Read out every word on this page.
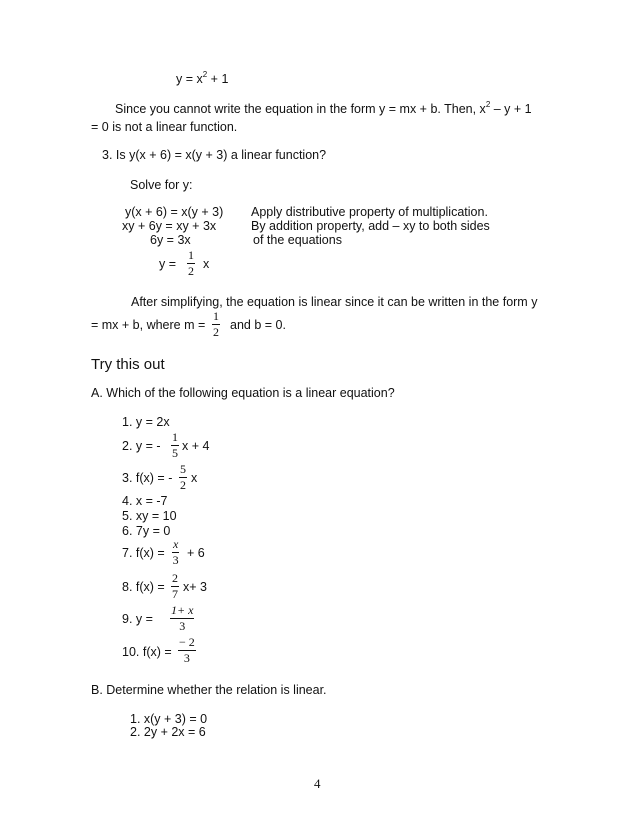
$y = x^2 + 1$
Since you cannot write the equation in the form y = mx + b. Then, $x^2 - y + 1$
= 0 is not a linear function.
3. Is y(x + 6) = x(y + 3) a linear function?
Solve for y:
y(x + 6) = x(y + 3) Apply distributive property of multiplication.
xy + 6y = xy + 3x	By addition property, add – xy to both sides
6y = 3x	of the equations
$y = \frac{1}{2}$ x
After simplifying, the equation is linear since it can be written in the form y
= mx + b, where $m = \frac{1}{2}$ and b = 0.
Try this out
A. Which of the following equation is a linear equation?
1. y = 2x
2. y = - $\frac{1}{5}$ x + 4
3. f(x) = - $\frac{5}{2}$ x
4. x = -7
5. xy = 10
6. 7y = 0
7. $f(x) = \frac{x}{3} + 6$
8. $f(x) = \frac{2}{7} x+ 3$
9. $y = \frac{1+ x}{3}$
10. $f(x) = \frac{- 2}{3}$
B. Determine whether the relation is linear.
1. x(y + 3) = 0
2. 2y + 2x = 6
4
